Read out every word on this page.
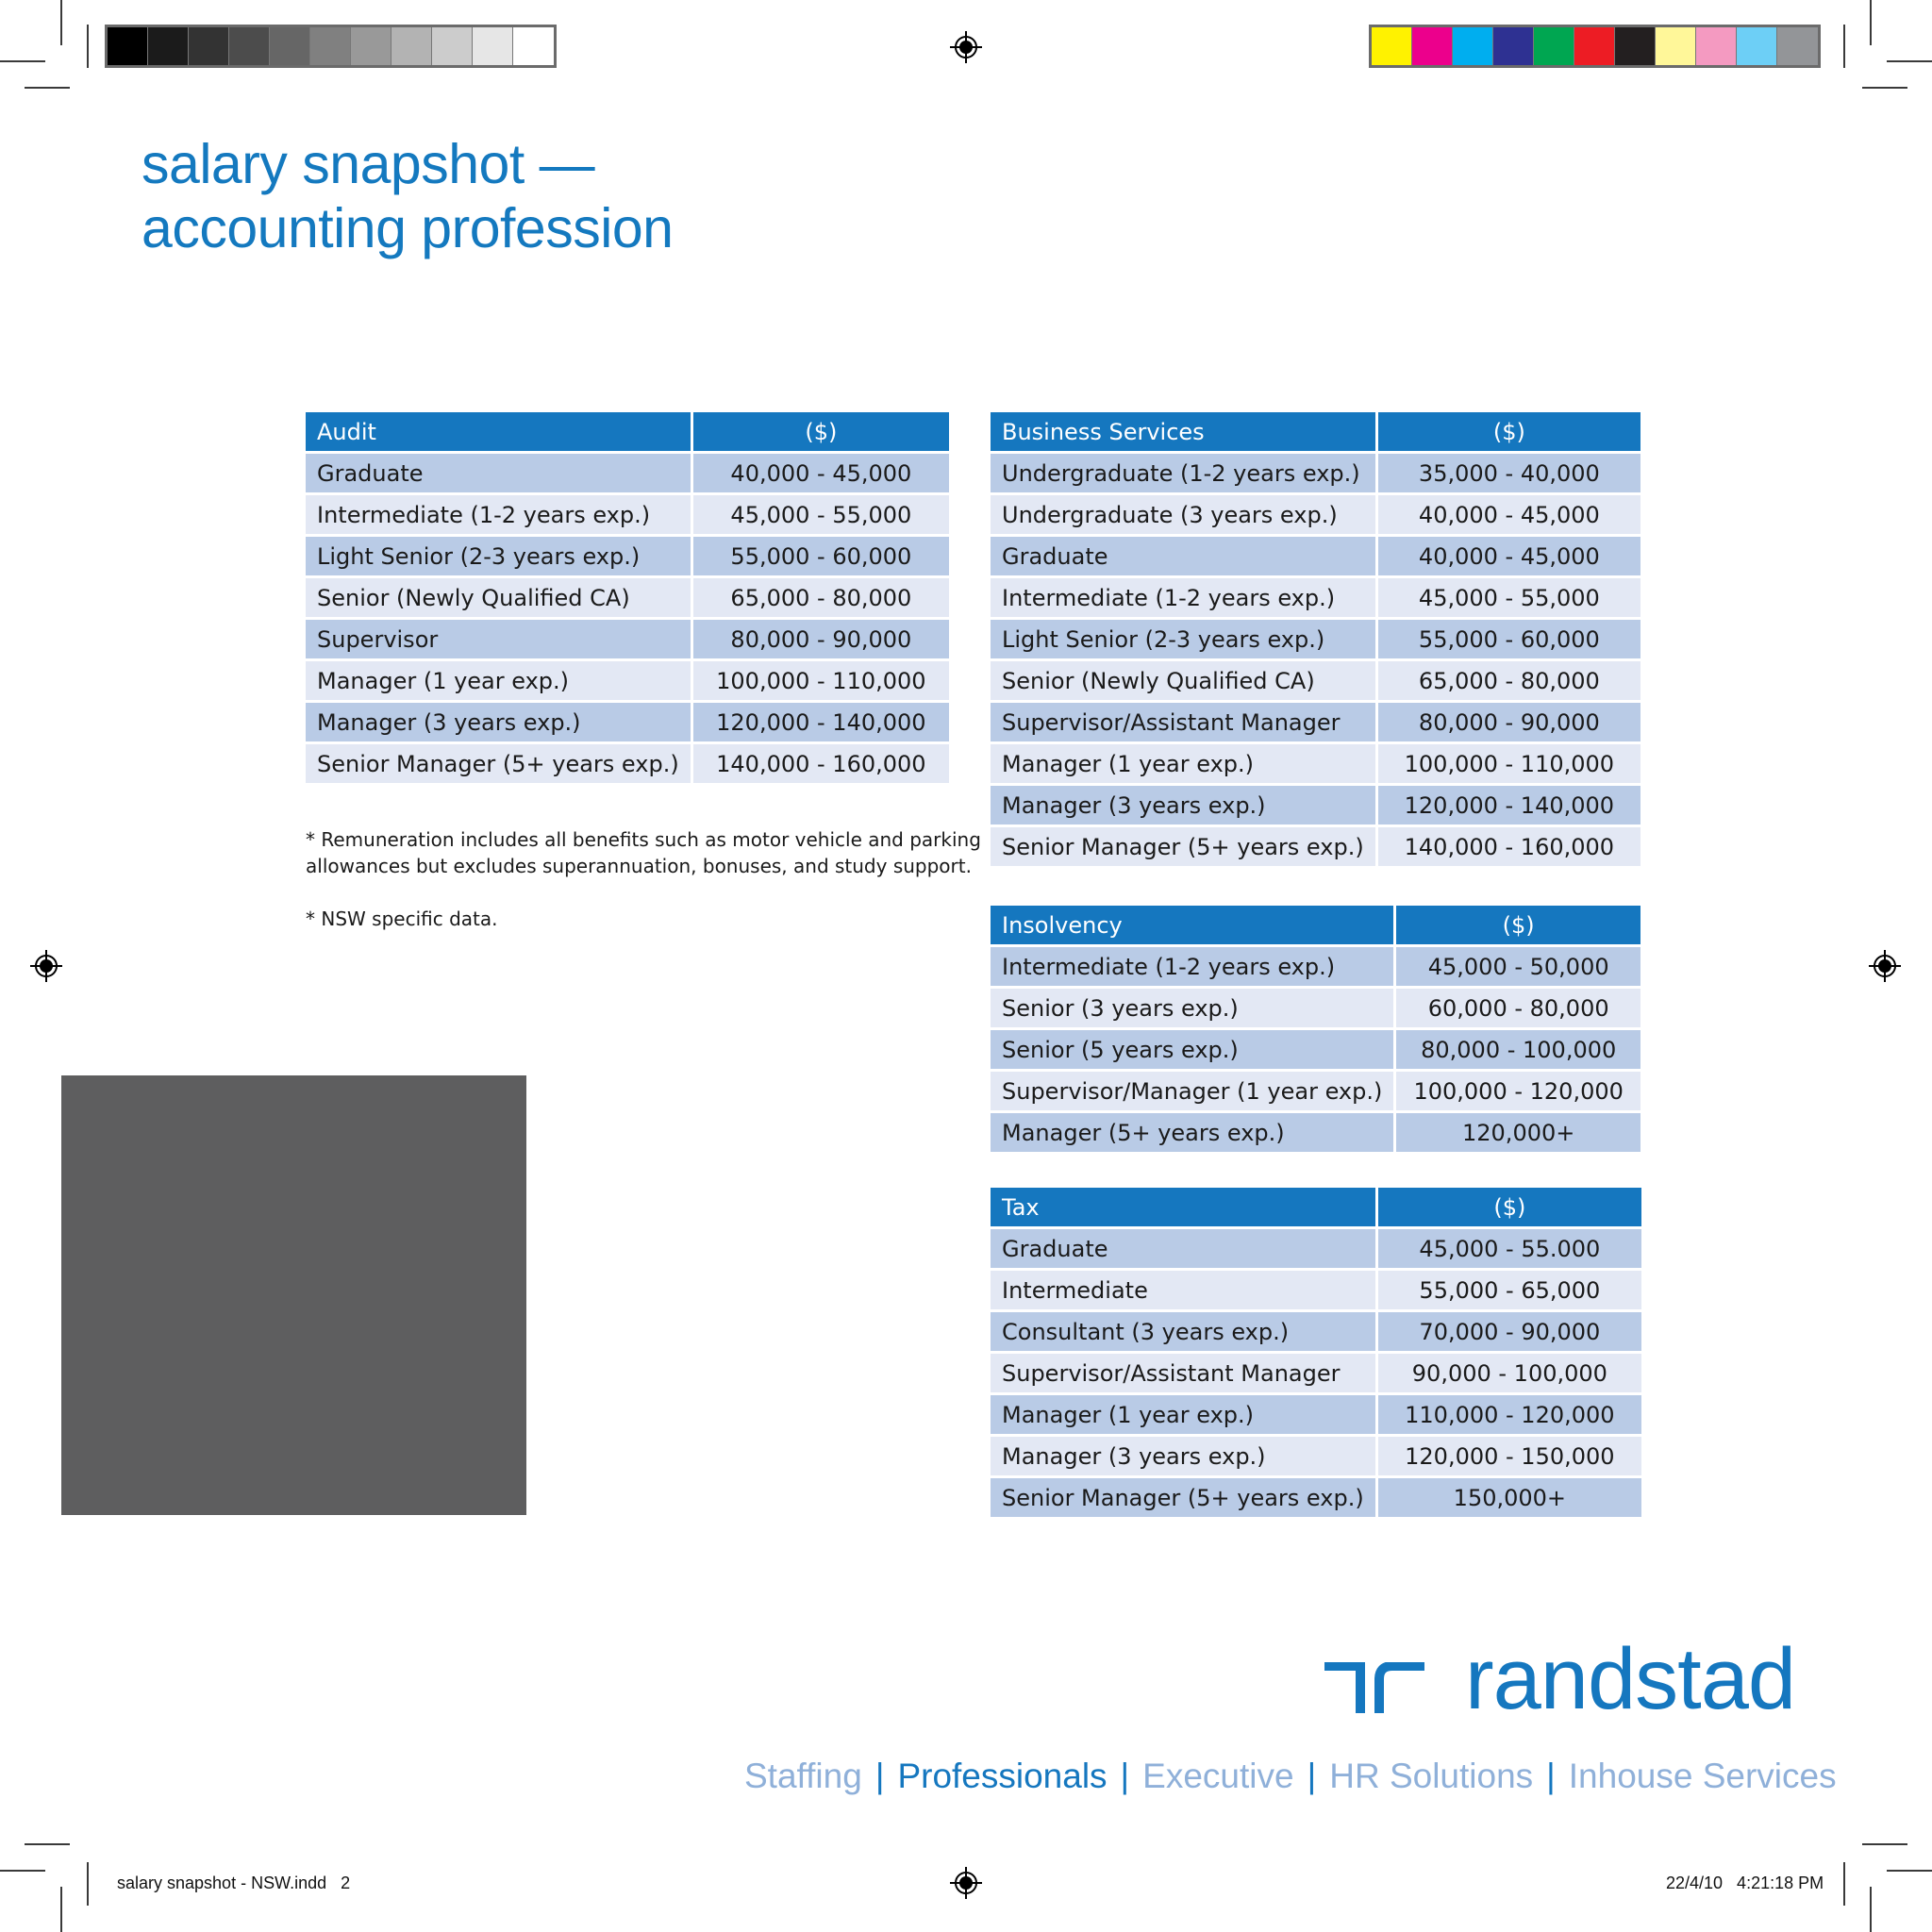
salary snapshot —
accounting profession
Audit	($)
Graduate	40,000 - 45,000
Intermediate (1-2 years exp.)	45,000 - 55,000
Light Senior (2-3 years exp.)	55,000 - 60,000
Senior (Newly Qualified CA)	65,000 - 80,000
Supervisor	80,000 - 90,000
Manager (1 year exp.)	100,000 - 110,000
Manager (3 years exp.)	120,000 - 140,000
Senior Manager (5+ years exp.)	140,000 - 160,000
* Remuneration includes all benefits such as motor vehicle and parking
allowances but excludes superannuation, bonuses, and study support.
* NSW specific data.
Business Services	($)
Undergraduate (1-2 years exp.)	35,000 - 40,000
Undergraduate (3 years exp.)	40,000 - 45,000
Graduate	40,000 - 45,000
Intermediate (1-2 years exp.)	45,000 - 55,000
Light Senior (2-3 years exp.)	55,000 - 60,000
Senior (Newly Qualified CA)	65,000 - 80,000
Supervisor/Assistant Manager	80,000 - 90,000
Manager (1 year exp.)	100,000 - 110,000
Manager (3 years exp.)	120,000 - 140,000
Senior Manager (5+ years exp.)	140,000 - 160,000
Insolvency	($)
Intermediate (1-2 years exp.)	45,000 - 50,000
Senior (3 years exp.)	60,000 - 80,000
Senior (5 years exp.)	80,000 - 100,000
Supervisor/Manager (1 year exp.)	100,000 - 120,000
Manager (5+ years exp.)	120,000+
Tax	($)
Graduate	45,000 - 55.000
Intermediate	55,000 - 65,000
Consultant (3 years exp.)	70,000 - 90,000
Supervisor/Assistant Manager	90,000 - 100,000
Manager (1 year exp.)	110,000 - 120,000
Manager (3 years exp.)	120,000 - 150,000
Senior Manager (5+ years exp.)	150,000+
randstad
Staffing | Professionals | Executive | HR Solutions | Inhouse Services
salary snapshot - NSW.indd   2	22/4/10   4:21:18 PM
